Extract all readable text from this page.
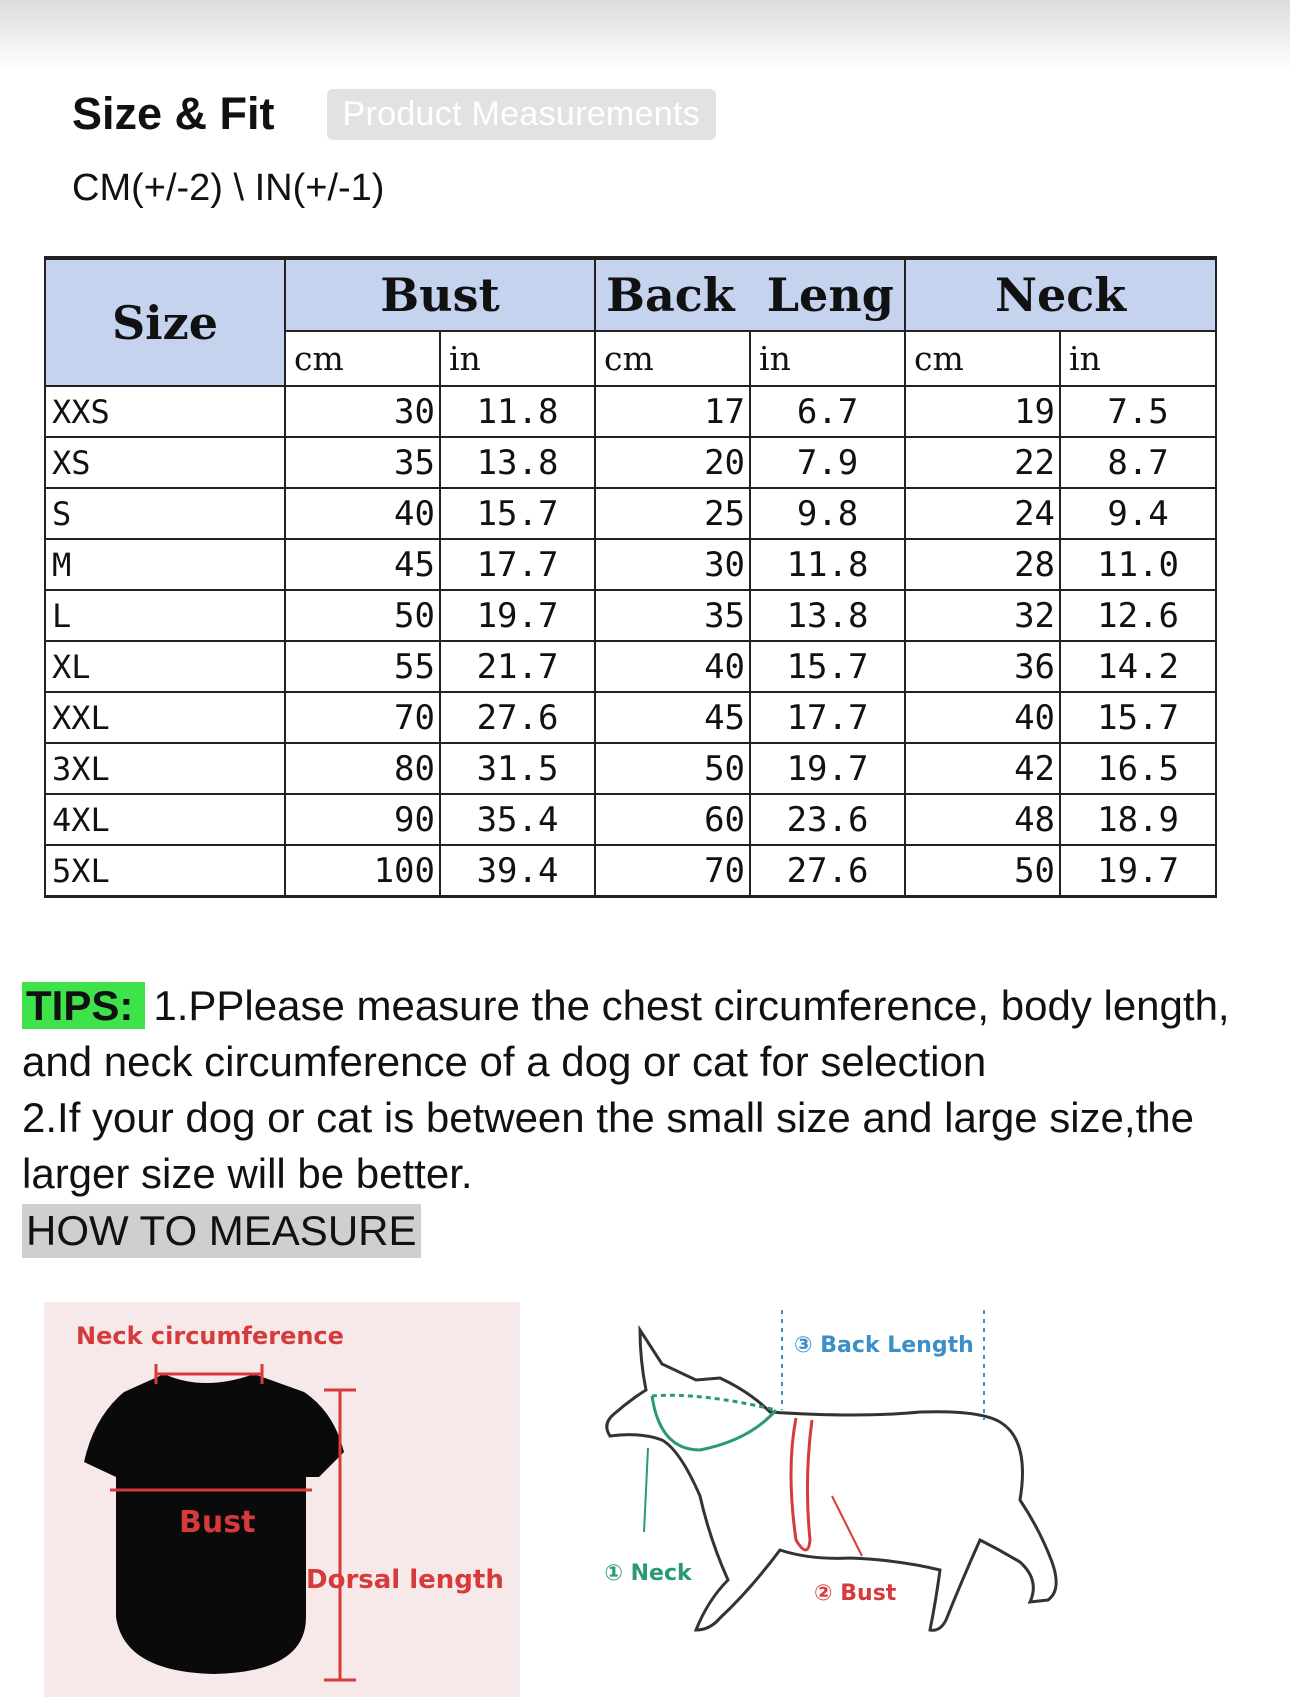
Size & Fit	Product Measurements
CM(+/-2) \ IN(+/-1)
Size	Bust		Back  Leng		Neck	
	cm	in	cm	in	cm	in
XXS	30	11.8	17	6.7	19	7.5
XS	35	13.8	20	7.9	22	8.7
S	40	15.7	25	9.8	24	9.4
M	45	17.7	30	11.8	28	11.0
L	50	19.7	35	13.8	32	12.6
XL	55	21.7	40	15.7	36	14.2
XXL	70	27.6	45	17.7	40	15.7
3XL	80	31.5	50	19.7	42	16.5
4XL	90	35.4	60	23.6	48	18.9
5XL	100	39.4	70	27.6	50	19.7

TIPS: 1.PPlease measure the chest circumference, body length, and neck circumference of a dog or cat for selection

2.If your dog or cat is between the small size and large size,the larger size will be better.

HOW TO MEASURE
Neck circumference
Bust
Dorsal length
③ Back Length
① Neck
② Bust
